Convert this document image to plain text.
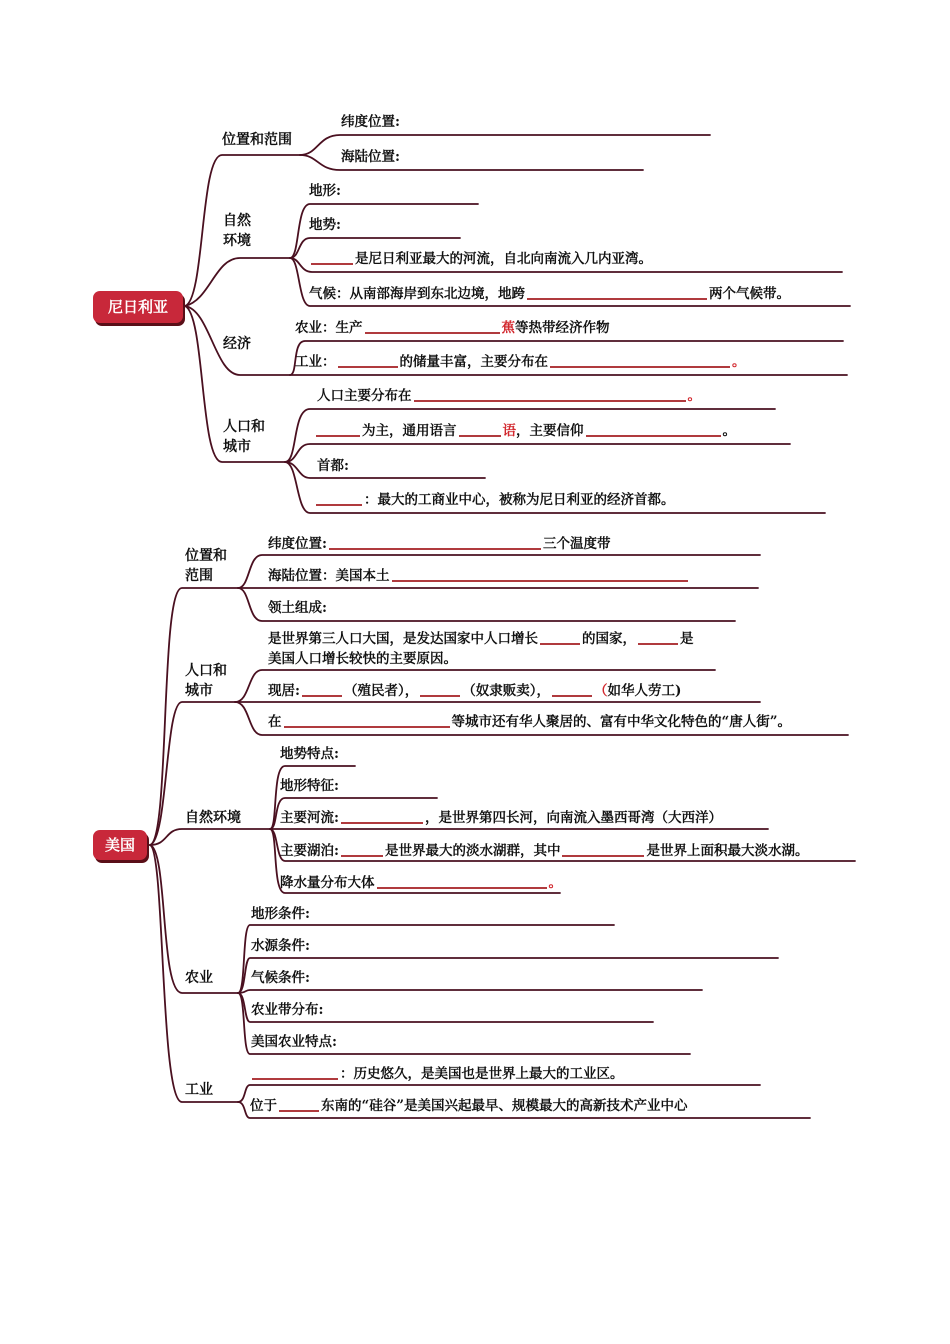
尼日利亚
位置和范围
纬度位置:
海陆位置:
自然
环境
地形:
地势:
是尼日利亚最大的河流，自北向南流入几内亚湾。
气候：从南部海岸到东北边境，地跨	两个气候带。
经济
农业：生产	蕉等热带经济作物
工业：	的储量丰富，主要分布在	。
人口和
城市
人口主要分布在	。
为主，通用语言	语，主要信仰	。
首都:
：最大的工商业中心，被称为尼日利亚的经济首都。
美国
位置和
范围
纬度位置:	三个温度带
海陆位置：美国本土
领土组成:
人口和
城市
是世界第三人口大国，是发达国家中人口增长	的国家，	是
美国人口增长较快的主要原因。
现居:	（殖民者），	（奴隶贩卖），	（如华人劳工)
在	等城市还有华人聚居的、富有中华文化特色的“唐人街”。
自然环境
地势特点:
地形特征:
主要河流:	，是世界第四长河，向南流入墨西哥湾（大西洋）
主要湖泊:	是世界最大的淡水湖群，其中	是世界上面积最大淡水湖。
降水量分布大体	。
农业
地形条件:
水源条件:
气候条件:
农业带分布:
美国农业特点:
工业
：历史悠久，是美国也是世界上最大的工业区。
位于	东南的“硅谷”是美国兴起最早、规模最大的高新技术产业中心
